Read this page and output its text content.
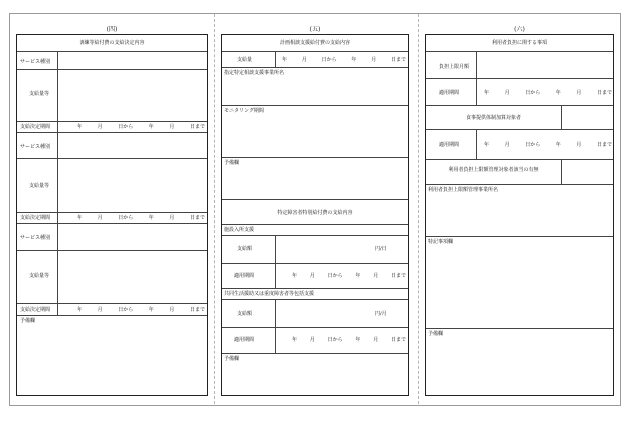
(四)	(五)	(六)
訓練等給付費の支給決定内容
サービス種別
支給量等
支給決定期間	年	月	日から	年	月	日まで
サービス種別
支給量等
支給決定期間	年	月	日から	年	月	日まで
サービス種別
支給量等
支給決定期間	年	月	日から	年	月	日まで
予備欄
計画相談支援給付費の支給内容
支給量	年	月	日から	年	月	日まで
指定特定相談支援事業所名
モニタリング期間
予備欄
特定障害者特別給付費の支給内容
施設入所支援
支給額	円/日
適用期間	年	月	日から	年	月	日まで
共同生活援助又は重度障害者等包括支援
支給額	円/月
適用期間	年	月	日から	年	月	日まで
予備欄
利用者負担に関する事項
負担上限月額
適用期間	年	月	日から	年	月	日まで
食事提供体制加算対象者
適用期間	年	月	日から	年	月	日まで
利用者負担上限額管理対象者該当の有無
利用者負担上限額管理事業所名
特記事項欄
予備欄
